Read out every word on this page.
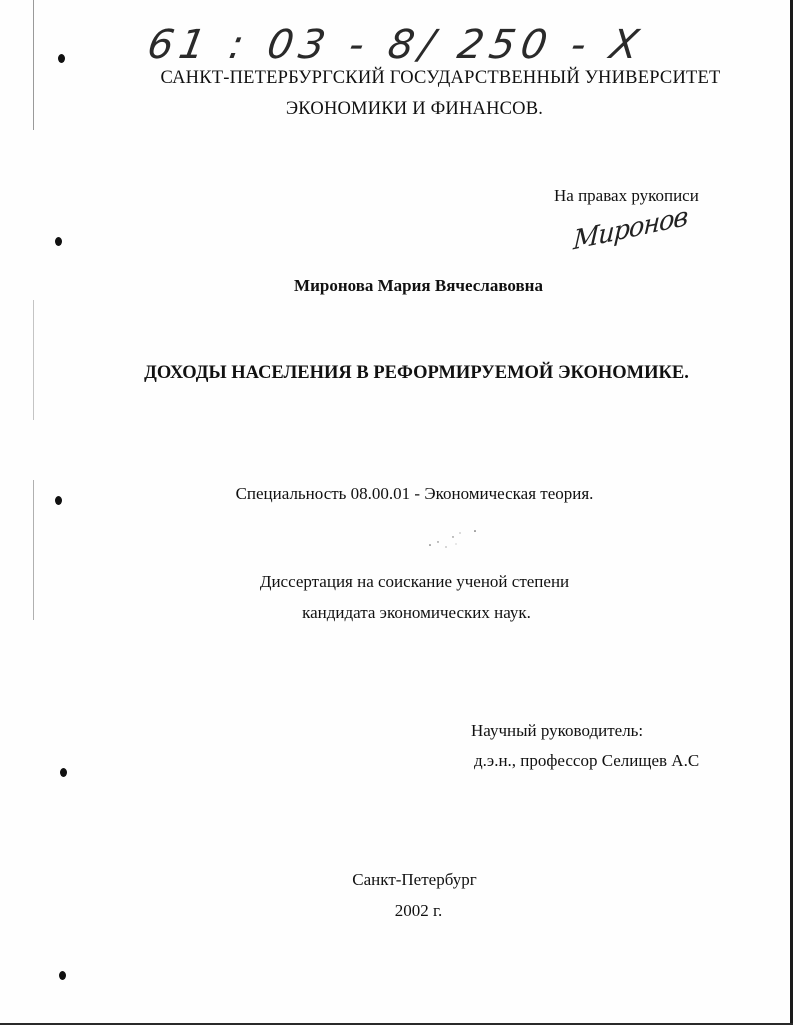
61 : 03 - 8/ 250 - X
САНКТ-ПЕТЕРБУРГСКИЙ ГОСУДАРСТВЕННЫЙ УНИВЕРСИТЕТ
ЭКОНОМИКИ И ФИНАНСОВ.
На правах рукописи
Миронов
Миронова Мария Вячеславовна
ДОХОДЫ НАСЕЛЕНИЯ В РЕФОРМИРУЕМОЙ ЭКОНОМИКЕ.
Специальность 08.00.01 - Экономическая теория.
Диссертация на соискание ученой степени
кандидата экономических наук.
Научный руководитель:
д.э.н., профессор Селищев А.С
Санкт-Петербург
2002 г.
